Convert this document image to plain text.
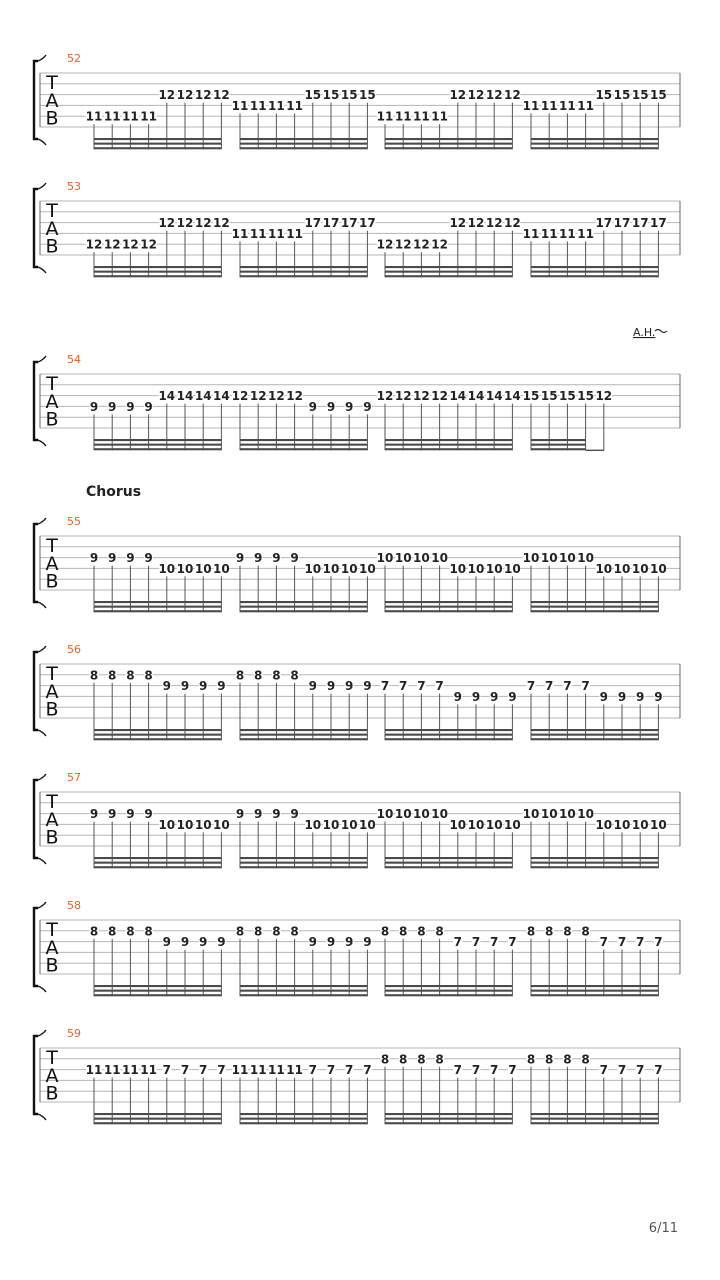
T
A
B
52
11 11 11 11
12 12 12 12
11 11 11 11
15 15 15 15
11 11 11 11
12 12 12 12
11 11 11 11
15 15 15 15
T
A
B
53
12 12 12 12
12 12 12 12
11 11 11 11
17 17 17 17
12 12 12 12
12 12 12 12
11 11 11 11
17 17 17 17
T
A
B
54
9 9 9 9
14 14 14 14 12 12 12 12
9 9 9 9
12 12 12 12 14 14 14 14 15 15 15 15 12
A.H.
T
A
B
55
9 9 9 9
10 10 10 10
9 9 9 9
10 10 10 10
10 10 10 10
10 10 10 10
10 10 10 10
10 10 10 10
Chorus
T
A
B
56
8 8 8 8
9 9 9 9
8 8 8 8
9 9 9 9 7 7 7 7
9 9 9 9
7 7 7 7
9 9 9 9
T
A
B
57
9 9 9 9
10 10 10 10
9 9 9 9
10 10 10 10
10 10 10 10
10 10 10 10
10 10 10 10
10 10 10 10
T
A
B
58
8 8 8 8
9 9 9 9
8 8 8 8
9 9 9 9
8 8 8 8
7 7 7 7
8 8 8 8
7 7 7 7
T
A
B
59
11 11 11 11 7 7 7 7 11 11 11 11 7 7 7 7
8 8 8 8
7 7 7 7
8 8 8 8
7 7 7 7
6/11
